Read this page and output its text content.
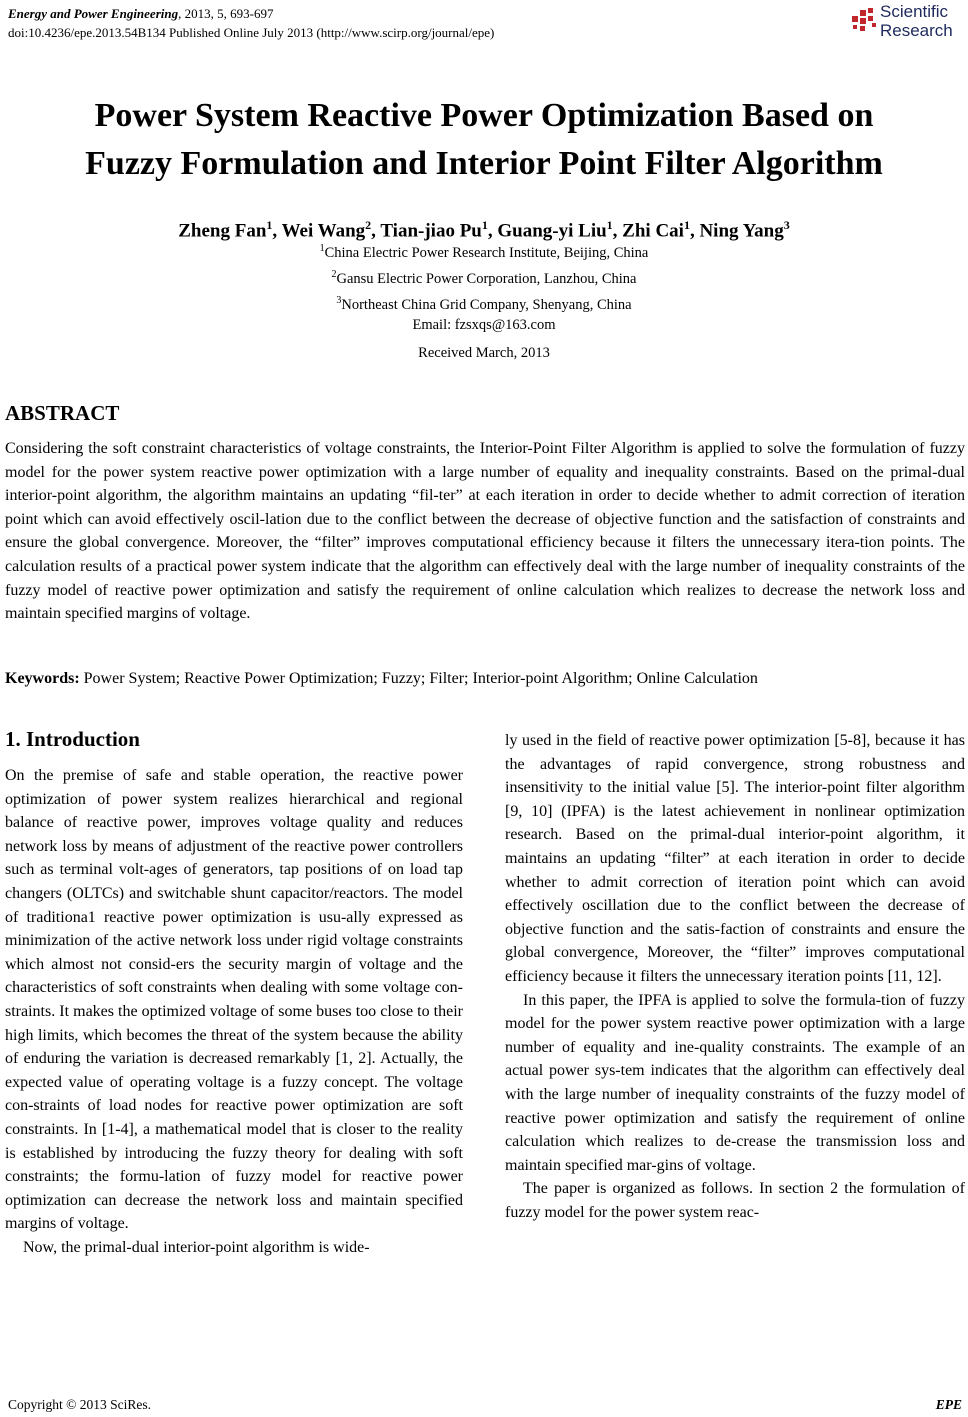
Energy and Power Engineering, 2013, 5, 693-697
doi:10.4236/epe.2013.54B134 Published Online July 2013 (http://www.scirp.org/journal/epe)
Scientific
Research
Power System Reactive Power Optimization Based on
Fuzzy Formulation and Interior Point Filter Algorithm
Zheng Fan$^1$, Wei Wang$^2$, Tian-jiao Pu$^1$, Guang-yi Liu$^1$, Zhi Cai$^1$, Ning Yang$^3$
$^1$China Electric Power Research Institute, Beijing, China
$^2$Gansu Electric Power Corporation, Lanzhou, China
$^3$Northeast China Grid Company, Shenyang, China
Email: fzsxqs@163.com
Received March, 2013
ABSTRACT
Considering the soft constraint characteristics of voltage constraints, the Interior-Point Filter Algorithm is applied to solve the formulation of fuzzy model for the power system reactive power optimization with a large number of equality and inequality constraints. Based on the primal-dual interior-point algorithm, the algorithm maintains an updating “fil-ter” at each iteration in order to decide whether to admit correction of iteration point which can avoid effectively oscil-lation due to the conflict between the decrease of objective function and the satisfaction of constraints and ensure the global convergence. Moreover, the “filter” improves computational efficiency because it filters the unnecessary itera-tion points. The calculation results of a practical power system indicate that the algorithm can effectively deal with the large number of inequality constraints of the fuzzy model of reactive power optimization and satisfy the requirement of online calculation which realizes to decrease the network loss and maintain specified margins of voltage.
Keywords: Power System; Reactive Power Optimization; Fuzzy; Filter; Interior-point Algorithm; Online Calculation
1. Introduction

On the premise of safe and stable operation, the reactive power optimization of power system realizes hierarchical and regional balance of reactive power, improves voltage quality and reduces network loss by means of adjustment of the reactive power controllers such as terminal volt-ages of generators, tap positions of on load tap changers (OLTCs) and switchable shunt capacitor/reactors. The model of traditiona1 reactive power optimization is usu-ally expressed as minimization of the active network loss under rigid voltage constraints which almost not consid-ers the security margin of voltage and the characteristics of soft constraints when dealing with some voltage con-straints. It makes the optimized voltage of some buses too close to their high limits, which becomes the threat of the system because the ability of enduring the variation is decreased remarkably [1, 2]. Actually, the expected value of operating voltage is a fuzzy concept. The voltage con-straints of load nodes for reactive power optimization are soft constraints. In [1-4], a mathematical model that is closer to the reality is established by introducing the fuzzy theory for dealing with soft constraints; the formu-lation of fuzzy model for reactive power optimization can decrease the network loss and maintain specified margins of voltage.

Now, the primal-dual interior-point algorithm is wide-

ly used in the field of reactive power optimization [5-8], because it has the advantages of rapid convergence, strong robustness and insensitivity to the initial value [5]. The interior-point filter algorithm [9, 10] (IPFA) is the latest achievement in nonlinear optimization research. Based on the primal-dual interior-point algorithm, it maintains an updating “filter” at each iteration in order to decide whether to admit correction of iteration point which can avoid effectively oscillation due to the conflict between the decrease of objective function and the satis-faction of constraints and ensure the global convergence, Moreover, the “filter” improves computational efficiency because it filters the unnecessary iteration points [11, 12].

In this paper, the IPFA is applied to solve the formula-tion of fuzzy model for the power system reactive power optimization with a large number of equality and ine-quality constraints. The example of an actual power sys-tem indicates that the algorithm can effectively deal with the large number of inequality constraints of the fuzzy model of reactive power optimization and satisfy the requirement of online calculation which realizes to de-crease the transmission loss and maintain specified mar-gins of voltage.

The paper is organized as follows. In section 2 the formulation of fuzzy model for the power system reac-

Copyright © 2013 SciRes.	EPE
